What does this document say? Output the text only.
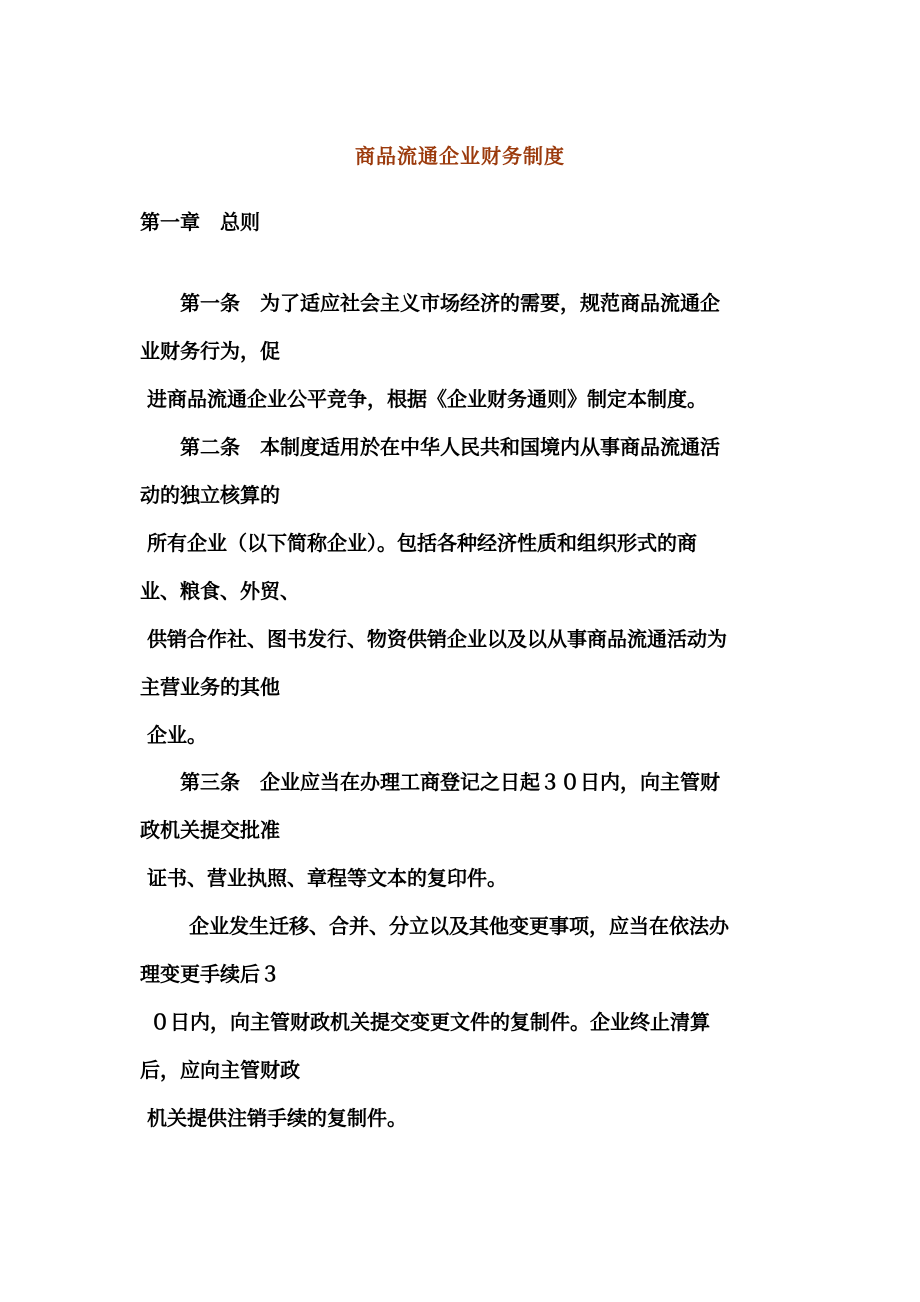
商品流通企业财务制度
第一章　总则
第一条　为了适应社会主义市场经济的需要，规范商品流通企
业财务行为，促
进商品流通企业公平竞争，根据《企业财务通则》制定本制度。
第二条　本制度适用於在中华人民共和国境内从事商品流通活
动的独立核算的
所有企业（以下简称企业）。包括各种经济性质和组织形式的商
业、粮食、外贸、
供销合作社、图书发行、物资供销企业以及以从事商品流通活动为
主营业务的其他
企业。
第三条　企业应当在办理工商登记之日起３０日内，向主管财
政机关提交批准
证书、营业执照、章程等文本的复印件。
企业发生迁移、合并、分立以及其他变更事项，应当在依法办
理变更手续后３
０日内，向主管财政机关提交变更文件的复制件。企业终止清算
后，应向主管财政
机关提供注销手续的复制件。
